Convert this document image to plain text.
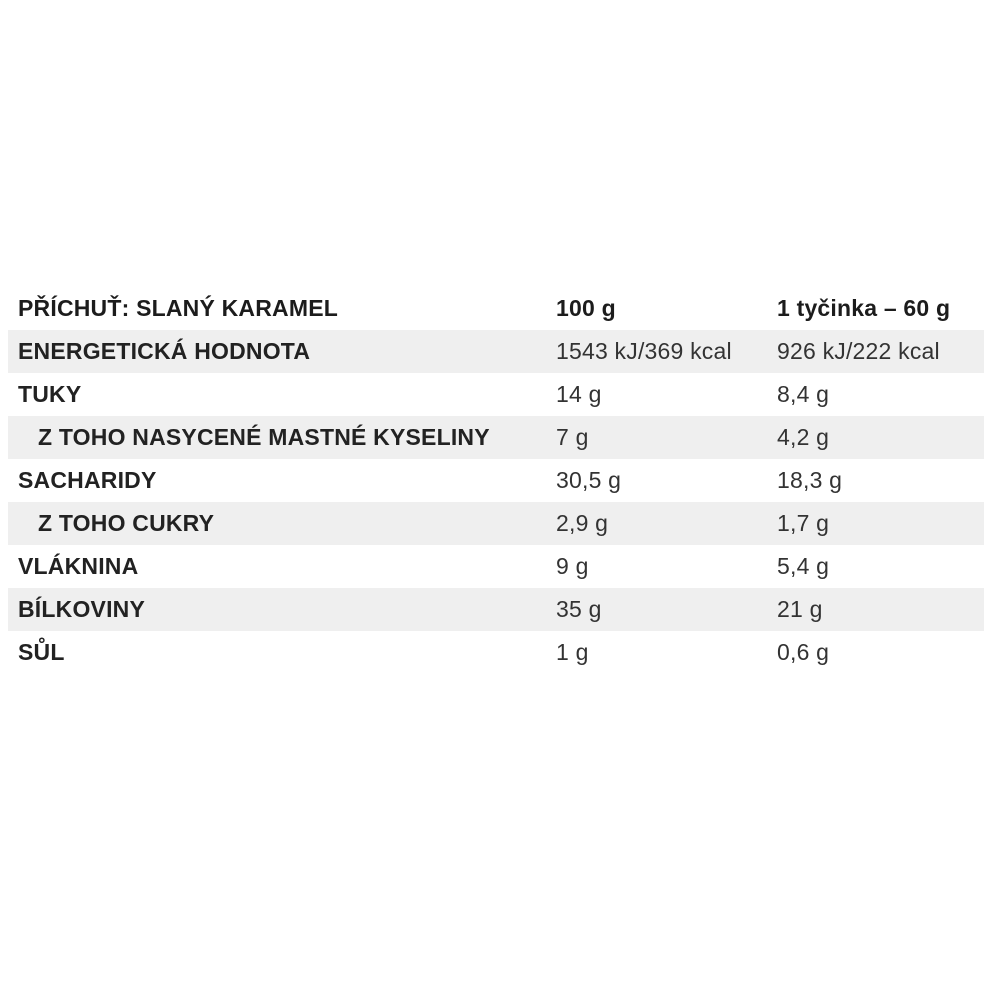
PŘÍCHUŤ: SLANÝ KARAMEL	100 g	1 tyčinka – 60 g
ENERGETICKÁ HODNOTA	1543 kJ/369 kcal	926 kJ/222 kcal
TUKY	14 g	8,4 g
Z TOHO NASYCENÉ MASTNÉ KYSELINY	7 g	4,2 g
SACHARIDY	30,5 g	18,3 g
Z TOHO CUKRY	2,9 g	1,7 g
VLÁKNINA	9 g	5,4 g
BÍLKOVINY	35 g	21 g
SŮL	1 g	0,6 g
